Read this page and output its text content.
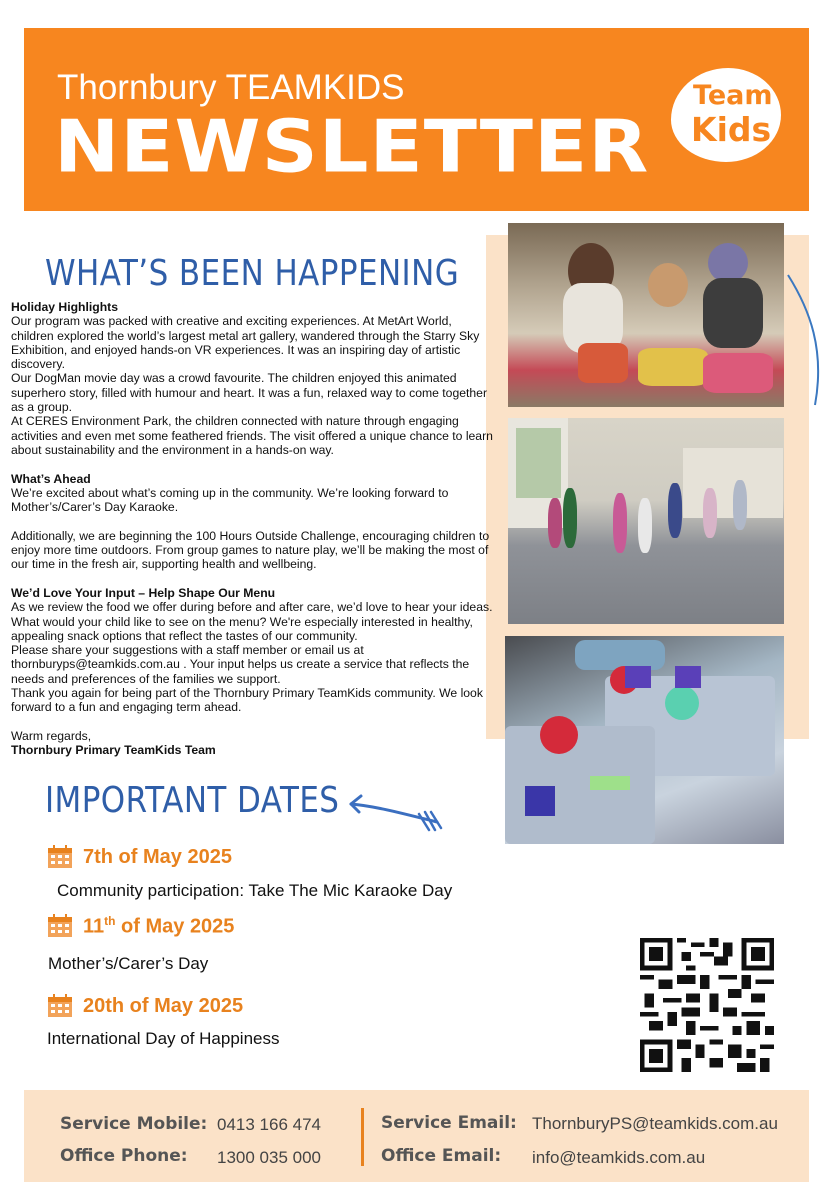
Thornbury TEAMKIDS
NEWSLETTER
Team
Kids
WHAT’S BEEN HAPPENING

Holiday Highlights

Our program was packed with creative and exciting experiences. At MetArt World, children explored the world’s largest metal art gallery, wandered through the Starry Sky Exhibition, and enjoyed hands-on VR experiences. It was an inspiring day of artistic discovery.

Our DogMan movie day was a crowd favourite. The children enjoyed this animated superhero story, filled with humour and heart. It was a fun, relaxed way to come together as a group.

At CERES Environment Park, the children connected with nature through engaging activities and even met some feathered friends. The visit offered a unique chance to learn about sustainability and the environment in a hands-on way.

What’s Ahead

We’re excited about what’s coming up in the community. We’re looking forward to Mother’s/Carer’s Day Karaoke.

Additionally, we are beginning the 100 Hours Outside Challenge, encouraging children to enjoy more time outdoors. From group games to nature play, we’ll be making the most of our time in the fresh air, supporting health and wellbeing.

We’d Love Your Input – Help Shape Our Menu

As we review the food we offer during before and after care, we’d love to hear your ideas. What would your child like to see on the menu? We're especially interested in healthy, appealing snack options that reflect the tastes of our community.

Please share your suggestions with a staff member or email us at thornburyps@teamkids.com.au . Your input helps us create a service that reflects the needs and preferences of the families we support.

Thank you again for being part of the Thornbury Primary TeamKids community. We look forward to a fun and engaging term ahead.

Warm regards,

Thornbury Primary TeamKids Team

IMPORTANT DATES
7th of May 2025
Community participation: Take The Mic Karaoke Day
11th of May 2025
Mother’s/Carer’s Day
20th of May 2025
International Day of Happiness
Service Mobile: 0413 166 474
Office Phone: 1300 035 000
Service Email: ThornburyPS@teamkids.com.au
Office Email: info@teamkids.com.au
